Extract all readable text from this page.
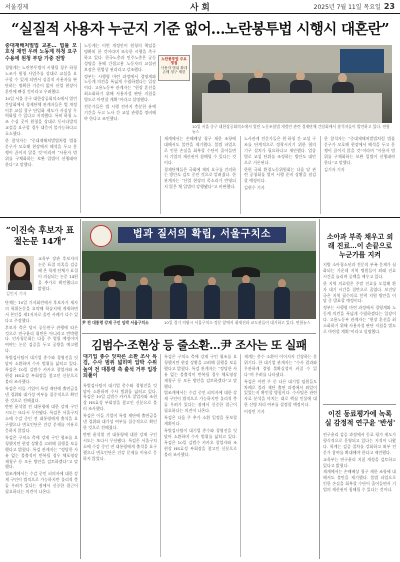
서울경제	사 회	2025년 7월 11일 목요일 23
“실질적 사용자 누군지 기준 없어…노란봉투법 시행시 대혼란”
중대재해처벌법 교훈… 법률 모호성 재연 우려 노동계 하청 요구 수용에 원청 부담 가중 전망
경영계는 노란봉투법이 시행될 경우 하청 노조가 원청 사업주를 상대로 교섭을 요구할 수 있게 되면서 실질적 사용자를 판단하는 명확한 기준이 없어 산업 현장이 혼란에 빠질 것이라고 우려했다.
10일 서울 중구 대한상공회의소에서 열린 간담회에서 경제단체 관계자들은 법 개정 이후 교섭 창구 단일화 제도가 사실상 무력화될 수 있다고 지적했다. 특히 하청 노조 수십 곳이 원청을 상대로 동시다발적 교섭을 요구할 경우 대응이 불가능하다고 호소했다.
한 참석자는 “중대재해처벌법처럼 법률 문구가 모호해 현장에서 해석을 두고 분쟁이 끊이지 않을 것”이라며 “사용자 범위를 구체화하는 보완 입법이 선행돼야 한다”고 말했다.
노동계는 이번 개정안이 원청의 책임을 명확히 한 것이라며 조속한 시행을 촉구하고 있다. 한국노총과 민주노총은 공동 성명을 통해 간접고용 노동자의 교섭권 보장은 헌법상 권리라고 강조했다.
정부는 시행령 마련 과정에서 경영계와 노동계 의견을 폭넓게 수렴하겠다는 입장이다. 고용노동부 관계자는 “현장 혼선을 최소화하기 위해 사용자성 판단 지침을 별도로 마련할 계획”이라고 설명했다.
전문가들은 법 시행 전까지 충분한 유예기간을 두고 노사 간 교섭 관행을 정비해야 한다고 조언했다.
노란봉투법 주요 쟁점
사용자 범위 확대
손배 청구 제한
10일 서울 중구 대한상공회의소에서 열린 노동조합법 개정안 관련 경제단체 간담회에서 참석자들이 발언하고 있다. 연합뉴스
재계에서는 손해배상 청구 제한 조항에 대해서도 불만을 제기했다. 불법 파업으로 인한 손실을 회복할 수단이 줄어들면서 기업의 재산권이 침해될 수 있다는 것이다.
경제단체들은 국회에 재의 요구를 건의하는 방안도 검토 중인 것으로 알려졌다. 한 관계자는 “산업 현장의 목소리가 반영되지 않은 채 입법이 강행됐다”고 비판했다.
노사관계 전문가들은 원·하청 간 교섭 구조를 단계적으로 정착시키기 위한 협의 기구 설치가 필요하다고 제안했다. 업종별로 교섭 단위를 조정하는 방안도 대안으로 거론된다.
한편 국회 환경노동위원회는 다음 달 관련 공청회를 열어 시행 준비 상황을 점검할 예정이다.
김현수 기자
한 참석자는 “중대재해처벌법처럼 법률 문구가 모호해 현장에서 해석을 두고 분쟁이 끊이지 않을 것”이라며 “사용자 범위를 구체화하는 보완 입법이 선행돼야 한다”고 말했다.
김기자 기자
“이진숙 후보자 표절논문 14개”
김민지 기자
교육부 장관 후보자의 논문 표절 의혹을 검증해 온 학계 단체가 표절이 의심되는 논문 14편을 추가로 확인했다고 밝혔다.
단체는 10일 기자회견에서 후보자가 제자의 학위논문을 요약해 학술지에 게재하면서 본인을 제1저자로 올린 사례가 다수 있다고 주장했다.
후보자 측은 당시 공동연구 관행에 따른 것으로 연구윤리 위반은 아니라고 반박했다. 인사청문회는 다음 주 열릴 예정이며 여야는 논문 검증을 두고 공방을 예고했다.
특별검사팀이 대기업 총수와 경영진을 잇달아 소환하며 수사 범위를 넓히고 있다. 특검은 10일 김범수 카카오 창업자와 조현상 HS효성 부회장을 참고인 신분으로 불러 조사했다.
특검은 이들 기업이 특정 재단에 출연금을 낸 경위와 대가성 여부를 집중적으로 확인한 것으로 전해졌다.
반면 윤석열 전 대통령에 대한 강제 구인 시도는 또다시 무산됐다. 특검은 서울구치소에 수감 중인 전 대통령에게 출석을 요구했으나 변호인단은 건강 문제를 이유로 응하지 않았다.
특검은 구치소 측에 강제 구인 협조를 요청했지만 현장 상황을 고려해 집행을 보류했다고 밝혔다. 특검 관계자는 “정당한 사유 없는 불출석이 반복될 경우 체포영장 재청구 등 모든 방안을 검토하겠다”고 말했다.
법조계에서는 수감 중인 피의자에 대한 강제 구인이 법적으로 가능하지만 물리적 충돌 우려가 있다는 점에서 신중한 접근이 필요하다는 의견이 나온다.
법과 질서의 확립, 서울구치소
尹 전 대통령 강제 구인 임박 서울구치소	10일 경기 의왕시 서울구치소 정문 앞에서 취재진과 교도관들이 대기하고 있다. 연합뉴스
김범수·조현상 등 줄소환…尹 조사는 또 실패
대기업 총수 잇따른 소환 조사 특검, 수사 범위 넓히며 압박 수위 높여 전 대통령 측 출석 거부 입장 되풀이
특별검사팀이 대기업 총수와 경영진을 잇달아 소환하며 수사 범위를 넓히고 있다. 특검은 10일 김범수 카카오 창업자와 조현상 HS효성 부회장을 참고인 신분으로 불러 조사했다.
특검은 이들 기업이 특정 재단에 출연금을 낸 경위와 대가성 여부를 집중적으로 확인한 것으로 전해졌다.
반면 윤석열 전 대통령에 대한 강제 구인 시도는 또다시 무산됐다. 특검은 서울구치소에 수감 중인 전 대통령에게 출석을 요구했으나 변호인단은 건강 문제를 이유로 응하지 않았다.
특검은 구치소 측에 강제 구인 협조를 요청했지만 현장 상황을 고려해 집행을 보류했다고 밝혔다. 특검 관계자는 “정당한 사유 없는 불출석이 반복될 경우 체포영장 재청구 등 모든 방안을 검토하겠다”고 말했다.
법조계에서는 수감 중인 피의자에 대한 강제 구인이 법적으로 가능하지만 물리적 충돌 우려가 있다는 점에서 신중한 접근이 필요하다는 의견이 나온다.
특검은 다음 주 추가 소환 일정을 통보할 계획이다.
특별검사팀이 대기업 총수와 경영진을 잇달아 소환하며 수사 범위를 넓히고 있다. 특검은 10일 김범수 카카오 창업자와 조현상 HS효성 부회장을 참고인 신분으로 불러 조사했다.
재계는 총수 소환이 이어지자 긴장하는 분위기다. 한 대기업 관계자는 “수사 결과와 무관하게 경영 불확실성이 커질 수 있다”며 우려를 나타냈다.
특검은 이번 주 중 다른 대기업 임원들도 차례로 불러 재단 출연 과정에서 외압이 있었는지 확인할 방침이다. 수사팀은 관련 자료 분석을 마치는 대로 핵심 인물에 대한 신병 처리 여부를 결정할 예정이다.
이정민 기자
소아과 부족 채우고 외래 진료…이 손끝으로 누군가를 지켜
지방 소아청소년과 전문의 부족 문제가 심화되는 가운데 지역 병원들이 외래 진료 시간을 늘리며 공백을 메우고 있다.
한 지역 의료원은 주말 진료를 도입해 환자 대기 시간을 절반으로 줄였다. 보건당국은 지역 필수의료 인력 지원 방안을 이달 중 발표할 예정이다.
정부는 시행령 마련 과정에서 경영계와 노동계 의견을 폭넓게 수렴하겠다는 입장이다. 고용노동부 관계자는 “현장 혼선을 최소화하기 위해 사용자성 판단 지침을 별도로 마련할 계획”이라고 설명했다.
이진 동료평가에 녹록 실 감정적 연구윤 '반성'
연구윤리 검증 과정에서 동료 평가 제도가 형식적으로 운영되고 있다는 지적이 나왔다. 학계는 검증 절차를 강화하고 외부 전문가 참여를 확대해야 한다고 제언했다.
교육부는 연구윤리 지침 개정을 검토하고 있다고 밝혔다.
재계에서는 손해배상 청구 제한 조항에 대해서도 불만을 제기했다. 불법 파업으로 인한 손실을 회복할 수단이 줄어들면서 기업의 재산권이 침해될 수 있다는 것이다.
